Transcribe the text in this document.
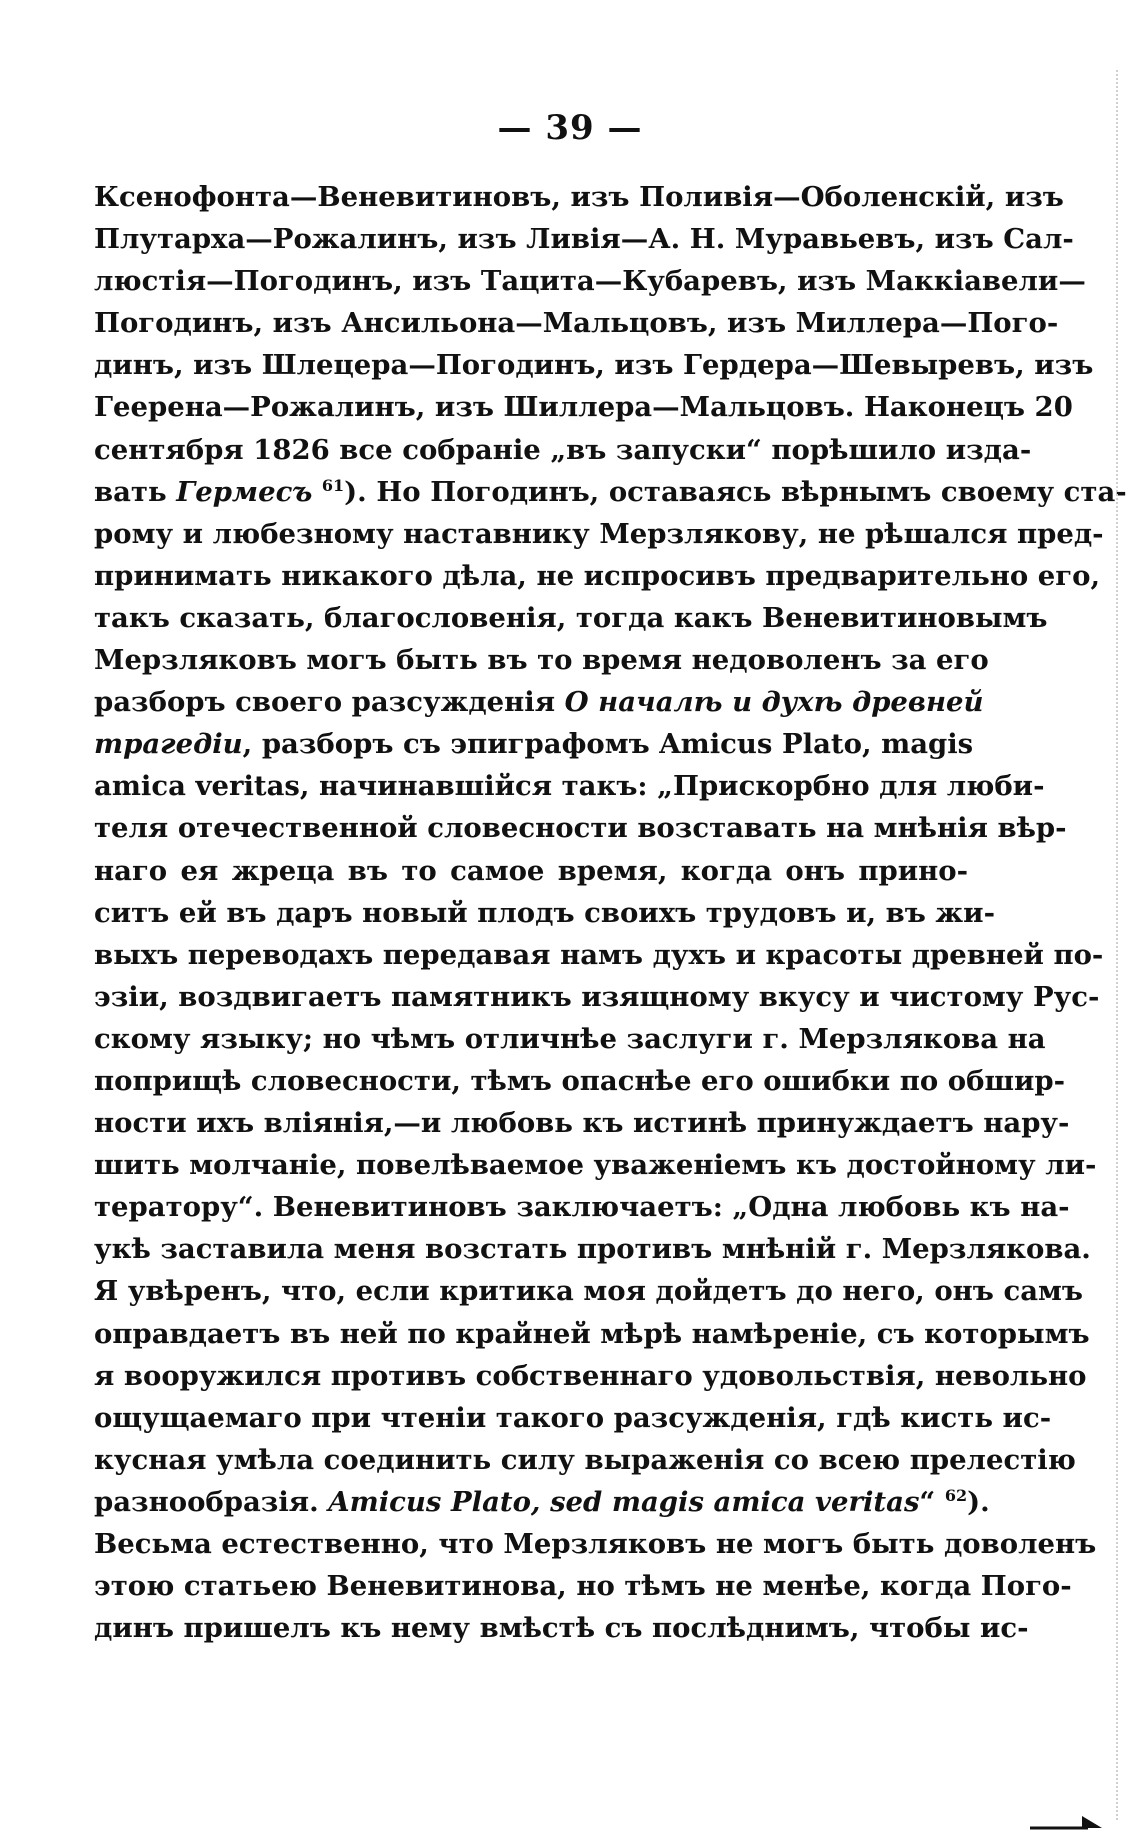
— 39 —
Ксенофонта—Веневитиновъ, изъ Поливія—Оболенскій, изъ
Плутарха—Рожалинъ, изъ Ливія—А. Н. Муравьевъ, изъ Сал-
люстія—Погодинъ, изъ Тацита—Кубаревъ, изъ Маккіавели—
Погодинъ, изъ Ансильона—Мальцовъ, изъ Миллера—Пого-
динъ, изъ Шлецера—Погодинъ, изъ Гердера—Шевыревъ, изъ
Геерена—Рожалинъ, изъ Шиллера—Мальцовъ. Наконецъ 20
сентября 1826 все собраніе „въ запуски“ порѣшило изда-
вать Гермесъ $^{61}$). Но Погодинъ, оставаясь вѣрнымъ своему ста-
рому и любезному наставнику Мерзлякову, не рѣшался пред-
принимать никакого дѣла, не испросивъ предварительно его,
такъ сказать, благословенія, тогда какъ Веневитиновымъ
Мерзляковъ могъ быть въ то время недоволенъ за его
разборъ своего разсужденія О началѣ и духѣ древней
трагедіи, разборъ съ эпиграфомъ Amicus Plato, magis
amica veritas, начинавшійся такъ: „Прискорбно для люби-
теля отечественной словесности возставать на мнѣнія вѣр-
наго ея жреца въ то самое время, когда онъ прино-
ситъ ей въ даръ новый плодъ своихъ трудовъ и, въ жи-
выхъ переводахъ передавая намъ духъ и красоты древней по-
эзіи, воздвигаетъ памятникъ изящному вкусу и чистому Рус-
скому языку; но чѣмъ отличнѣе заслуги г. Мерзлякова на
поприщѣ словесности, тѣмъ опаснѣе его ошибки по обшир-
ности ихъ вліянія,—и любовь къ истинѣ принуждаетъ нару-
шить молчаніе, повелѣваемое уваженіемъ къ достойному ли-
тератору“. Веневитиновъ заключаетъ: „Одна любовь къ на-
укѣ заставила меня возстать противъ мнѣній г. Мерзлякова.
Я увѣренъ, что, если критика моя дойдетъ до него, онъ самъ
оправдаетъ въ ней по крайней мѣрѣ намѣреніе, съ которымъ
я вооружился противъ собственнаго удовольствія, невольно
ощущаемаго при чтеніи такого разсужденія, гдѣ кисть ис-
кусная умѣла соединить силу выраженія со всею прелестію
разнообразія. Amicus Plato, sed magis amica veritas“ $^{62}$).
Весьма естественно, что Мерзляковъ не могъ быть доволенъ
этою статьею Веневитинова, но тѣмъ не менѣе, когда Пого-
динъ пришелъ къ нему вмѣстѣ съ послѣднимъ, чтобы ис-
